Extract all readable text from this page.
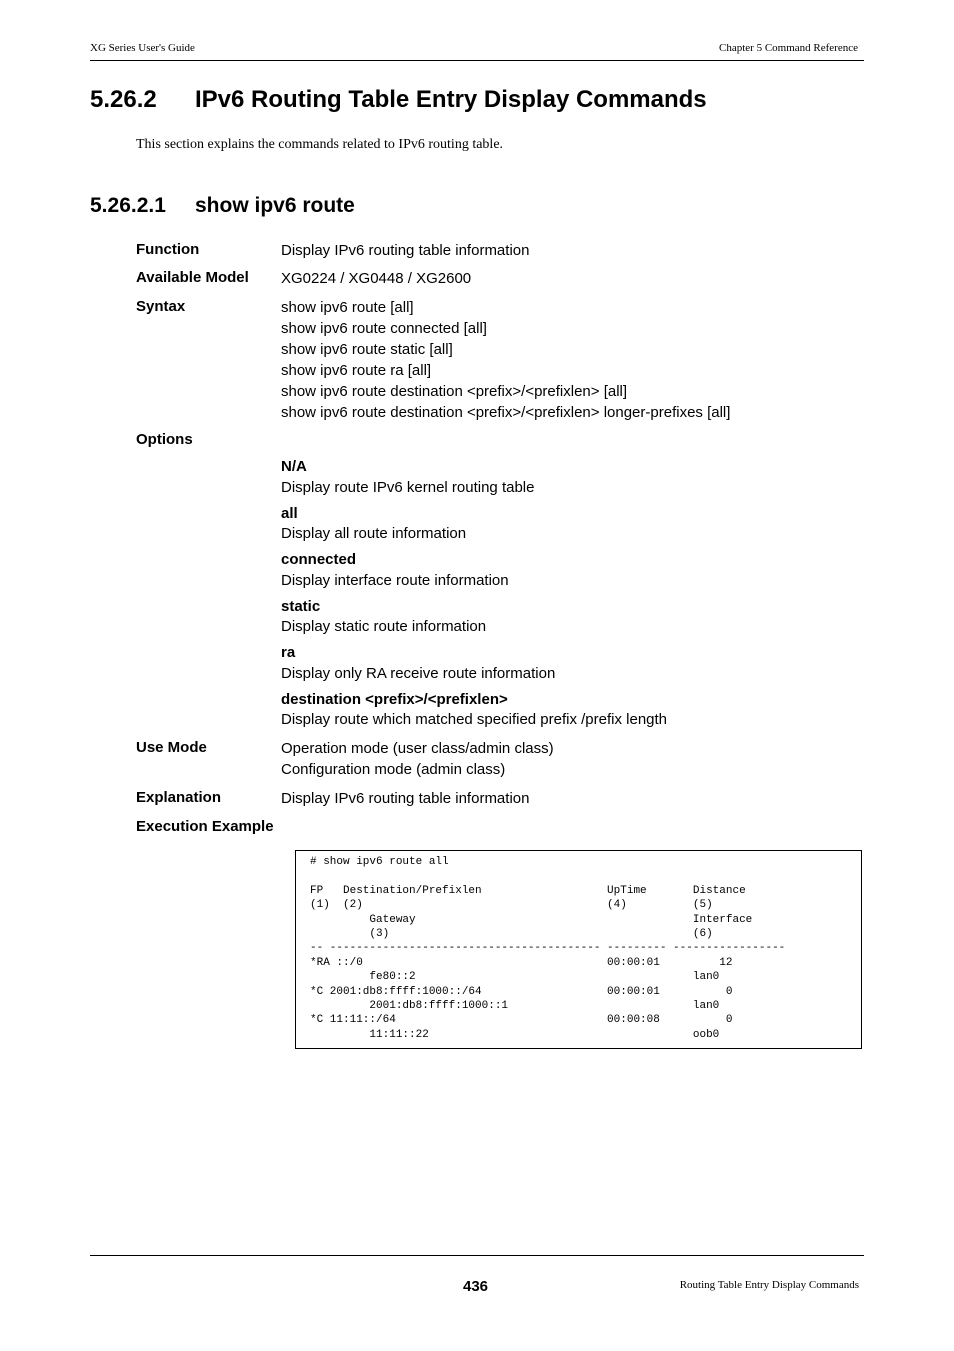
XG Series User's Guide	Chapter 5 Command Reference
5.26.2 IPv6 Routing Table Entry Display Commands
This section explains the commands related to IPv6 routing table.
5.26.2.1 show ipv6 route
Function	Display IPv6 routing table information
Available Model XG0224 / XG0448 / XG2600
Syntax	show ipv6 route [all]
show ipv6 route connected [all]
show ipv6 route static [all]
show ipv6 route ra [all]
show ipv6 route destination <prefix>/<prefixlen> [all]
show ipv6 route destination <prefix>/<prefixlen> longer-prefixes [all]
Options
N/A
Display route IPv6 kernel routing table
all
Display all route information
connected
Display interface route information
static
Display static route information
ra
Display only RA receive route information
destination <prefix>/<prefixlen>
Display route which matched specified prefix /prefix length
Use Mode	Operation mode (user class/admin class)
Configuration mode (admin class)
Explanation	Display IPv6 routing table information
Execution Example
# show ipv6 route all

FP   Destination/Prefixlen                   UpTime       Distance
(1)  (2)                                     (4)          (5)
Gateway                                          Interface
(3)                                              (6)
-- ----------------------------------------- --------- -----------------
*RA ::/0                                     00:00:01         12
fe80::2                                          lan0
*C 2001:db8:ffff:1000::/64                   00:00:01          0
2001:db8:ffff:1000::1                            lan0
*C 11:11::/64                                00:00:08          0
11:11::22                                        oob0
436	Routing Table Entry Display Commands
